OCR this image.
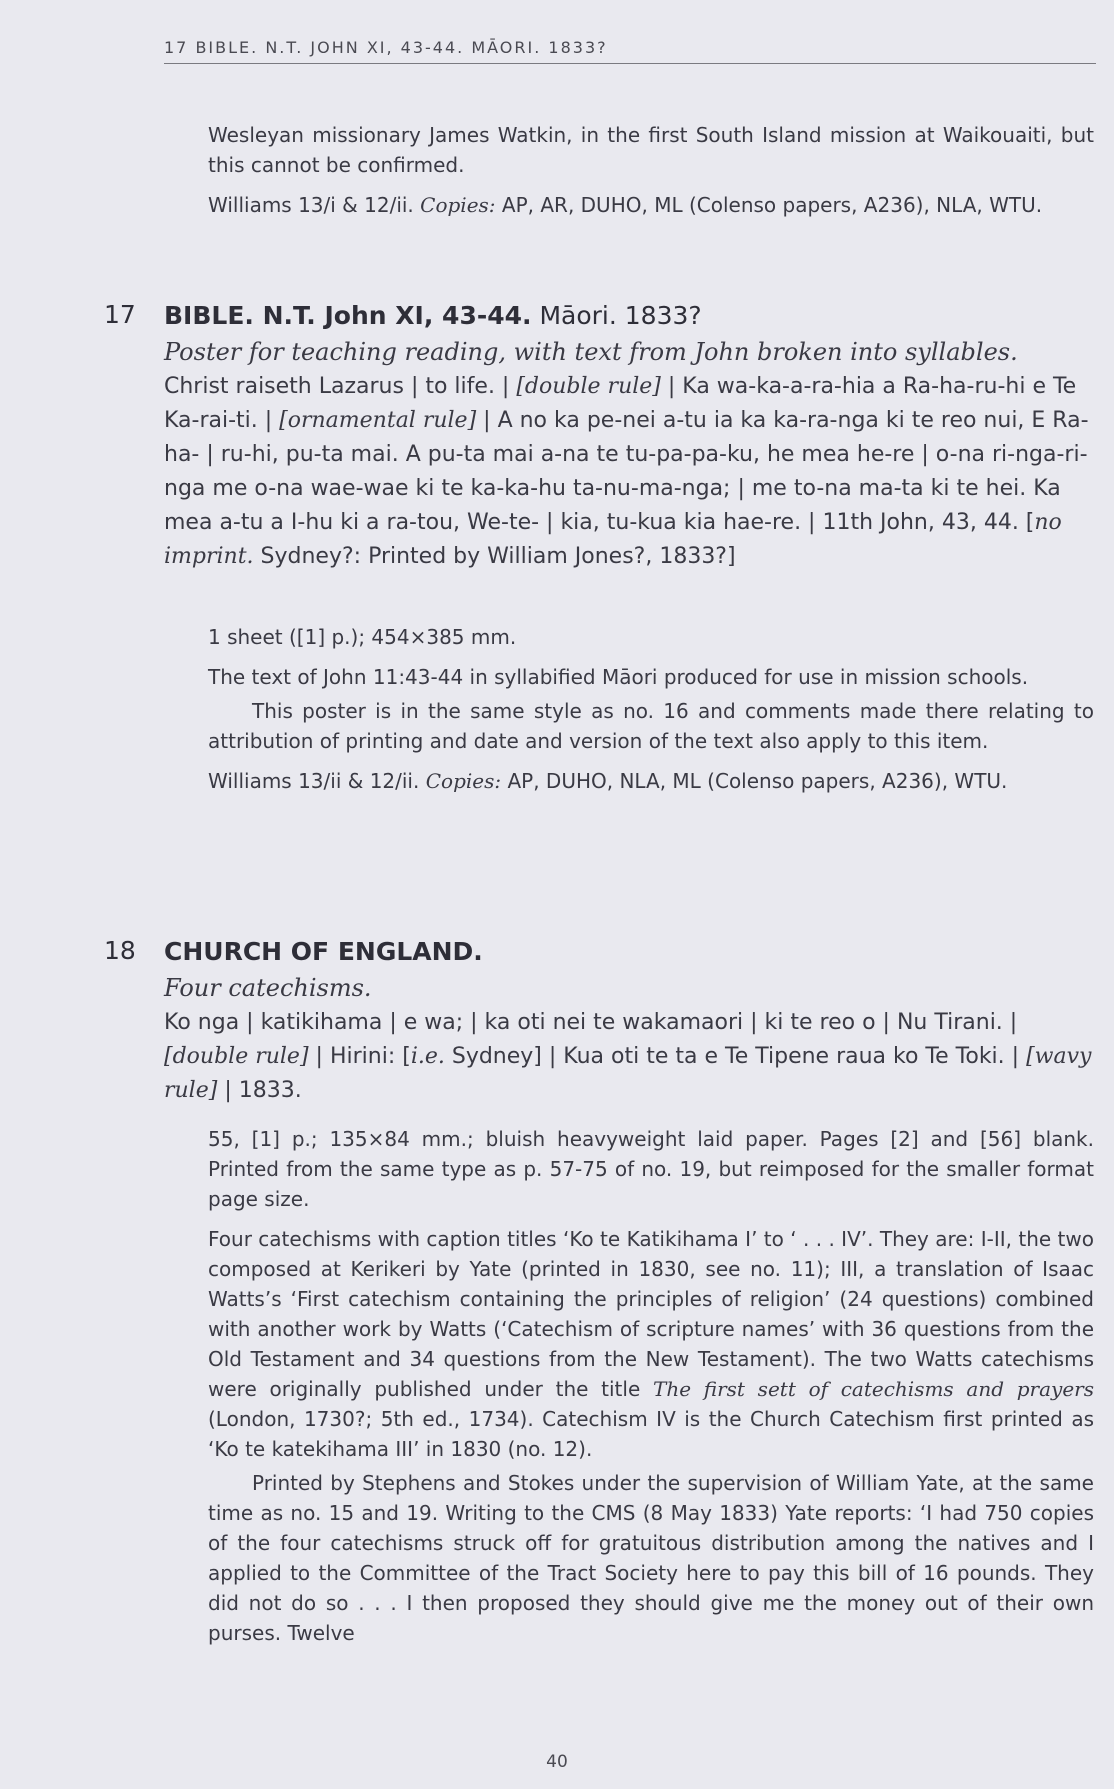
17 BIBLE. N.T. JOHN XI, 43-44. MĀORI. 1833?

Wesleyan missionary James Watkin, in the first South Island mission at Waikouaiti, but this cannot be confirmed.

Williams 13/i & 12/ii. Copies: AP, AR, DUHO, ML (Colenso papers, A236), NLA, WTU.

17 BIBLE. N.T. John XI, 43-44. Māori. 1833?
Poster for teaching reading, with text from John broken into syllables.
Christ raiseth Lazarus | to life. | [double rule] | Ka wa-ka-a-ra-hia a Ra-ha-ru-hi e Te Ka-rai-ti. | [ornamental rule] | A no ka pe-nei a-tu ia ka ka-ra-nga ki te reo nui, E Ra-ha- | ru-hi, pu-ta mai. A pu-ta mai a-na te tu-pa-pa-ku, he mea he-re | o-na ri-nga-ri-nga me o-na wae-wae ki te ka-ka-hu ta-nu-ma-nga; | me to-na ma-ta ki te hei. Ka mea a-tu a I-hu ki a ra-tou, We-te- | kia, tu-kua kia hae-re. | 11th John, 43, 44. [no imprint. Sydney?: Printed by William Jones?, 1833?]

1 sheet ([1] p.); 454×385 mm.

The text of John 11:43-44 in syllabified Māori produced for use in mission schools.

This poster is in the same style as no. 16 and comments made there relating to attribution of printing and date and version of the text also apply to this item.

Williams 13/ii & 12/ii. Copies: AP, DUHO, NLA, ML (Colenso papers, A236), WTU.

18 CHURCH OF ENGLAND.
Four catechisms.
Ko nga | katikihama | e wa; | ka oti nei te wakamaori | ki te reo o | Nu Tirani. | [double rule] | Hirini: [i.e. Sydney] | Kua oti te ta e Te Tipene raua ko Te Toki. | [wavy rule] | 1833.

55, [1] p.; 135×84 mm.; bluish heavyweight laid paper. Pages [2] and [56] blank. Printed from the same type as p. 57-75 of no. 19, but reimposed for the smaller format page size.

Four catechisms with caption titles ‘Ko te Katikihama I’ to ‘ . . . IV’. They are: I-II, the two composed at Kerikeri by Yate (printed in 1830, see no. 11); III, a translation of Isaac Watts’s ‘First catechism containing the principles of religion’ (24 questions) combined with another work by Watts (‘Catechism of scripture names’ with 36 questions from the Old Testament and 34 questions from the New Testament). The two Watts catechisms were originally published under the title The first sett of catechisms and prayers (London, 1730?; 5th ed., 1734). Catechism IV is the Church Catechism first printed as ‘Ko te katekihama III’ in 1830 (no. 12).

Printed by Stephens and Stokes under the supervision of William Yate, at the same time as no. 15 and 19. Writing to the CMS (8 May 1833) Yate reports: ‘I had 750 copies of the four catechisms struck off for gratuitous distribution among the natives and I applied to the Committee of the Tract Society here to pay this bill of 16 pounds. They did not do so . . . I then proposed they should give me the money out of their own purses. Twelve

40
